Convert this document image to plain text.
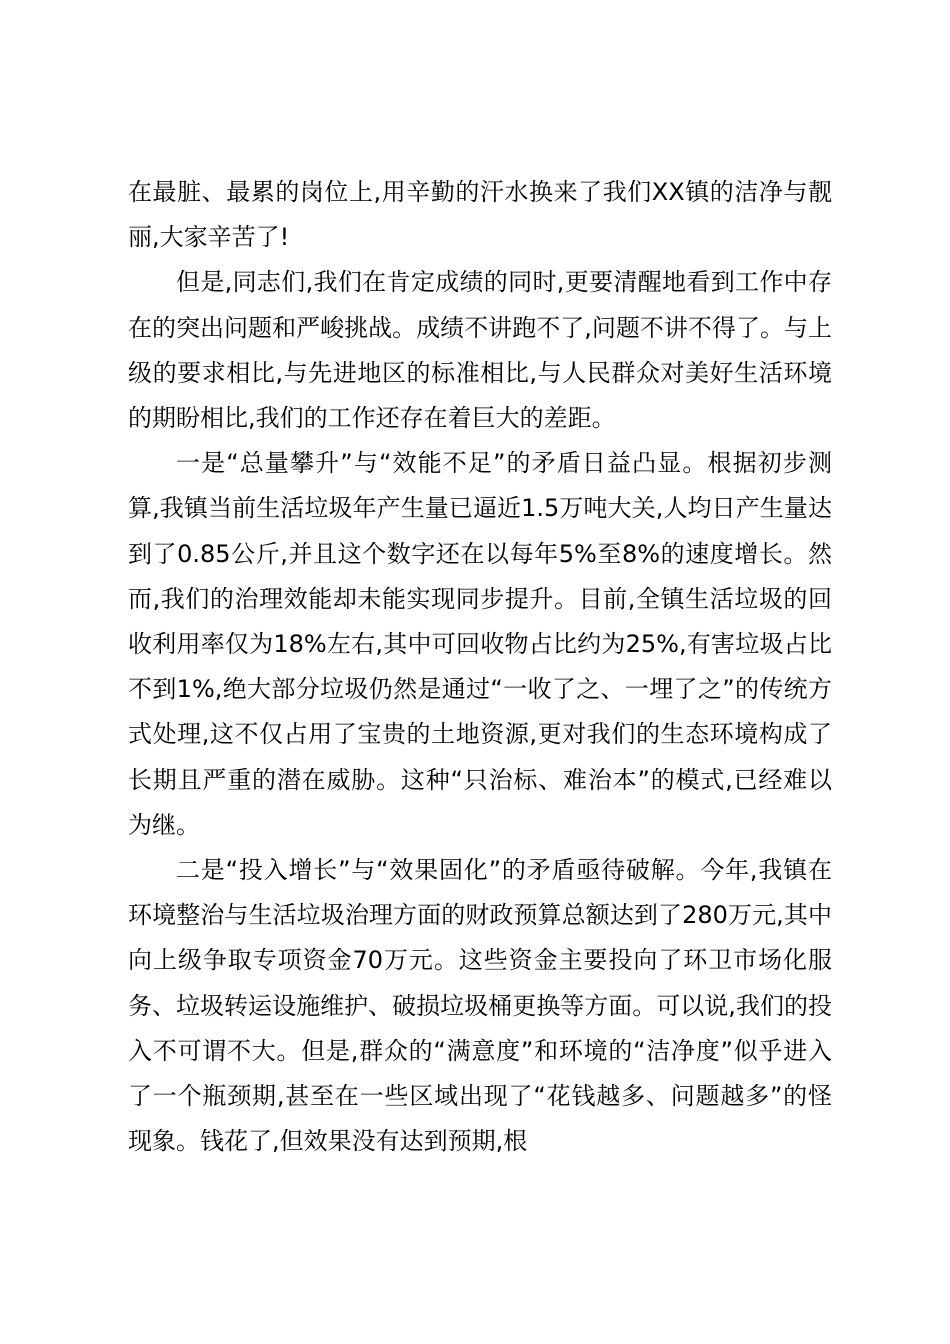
在最脏、最累的岗位上,用辛勤的汗水换来了我们XX镇的洁净与靓丽,大家辛苦了!

但是,同志们,我们在肯定成绩的同时,更要清醒地看到工作中存在的突出问题和严峻挑战。成绩不讲跑不了,问题不讲不得了。与上级的要求相比,与先进地区的标准相比,与人民群众对美好生活环境的期盼相比,我们的工作还存在着巨大的差距。

一是“总量攀升”与“效能不足”的矛盾日益凸显。根据初步测算,我镇当前生活垃圾年产生量已逼近1.5万吨大关,人均日产生量达到了0.85公斤,并且这个数字还在以每年5%至8%的速度增长。然而,我们的治理效能却未能实现同步提升。目前,全镇生活垃圾的回收利用率仅为18%左右,其中可回收物占比约为25%,有害垃圾占比不到1%,绝大部分垃圾仍然是通过“一收了之、一埋了之”的传统方式处理,这不仅占用了宝贵的土地资源,更对我们的生态环境构成了长期且严重的潜在威胁。这种“只治标、难治本”的模式,已经难以为继。

二是“投入增长”与“效果固化”的矛盾亟待破解。今年,我镇在环境整治与生活垃圾治理方面的财政预算总额达到了280万元,其中向上级争取专项资金70万元。这些资金主要投向了环卫市场化服务、垃圾转运设施维护、破损垃圾桶更换等方面。可以说,我们的投入不可谓不大。但是,群众的“满意度”和环境的“洁净度”似乎进入了一个瓶颈期,甚至在一些区域出现了“花钱越多、问题越多”的怪现象。钱花了,但效果没有达到预期,根
